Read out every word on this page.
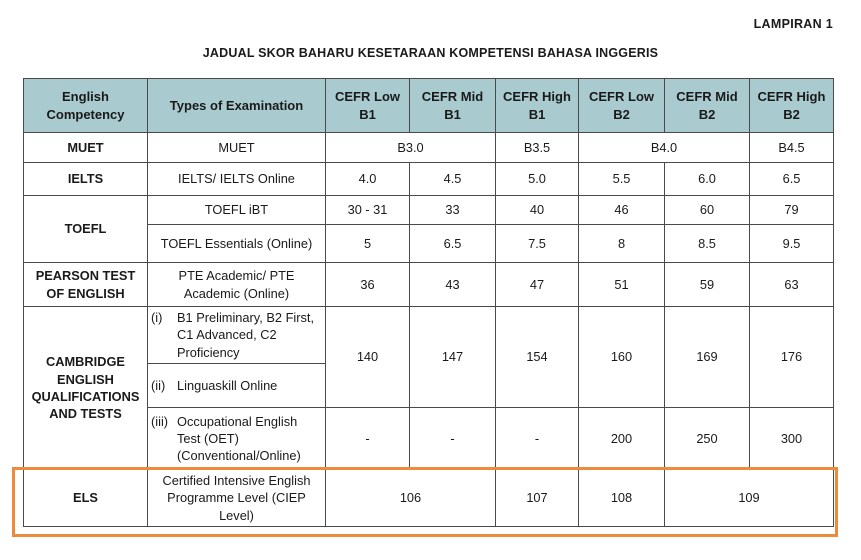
LAMPIRAN 1
JADUAL SKOR BAHARU KESETARAAN KOMPETENSI BAHASA INGGERIS
English Competency	Types of Examination	CEFR Low B1	CEFR Mid B1	CEFR High B1	CEFR Low B2	CEFR Mid B2	CEFR High B2
MUET	MUET	B3.0		B3.5	B4.0		B4.5
IELTS	IELTS/ IELTS Online	4.0	4.5	5.0	5.5	6.0	6.5
TOEFL	TOEFL iBT	30 - 31	33	40	46	60	79
	TOEFL Essentials (Online)	5	6.5	7.5	8	8.5	9.5
PEARSON TEST OF ENGLISH	PTE Academic/ PTE Academic (Online)	36	43	47	51	59	63
CAMBRIDGE ENGLISH QUALIFICATIONS AND TESTS	(i) B1 Preliminary, B2 First, C1 Advanced, C2 Proficiency	140	147	154	160	169	176

	(ii) Linguaskill Online						

	(iii) Occupational English Test (OET) (Conventional/Online)	-	-	-	200	250	300
ELS	Certified Intensive English Programme Level (CIEP Level)	106		107	108	109	
